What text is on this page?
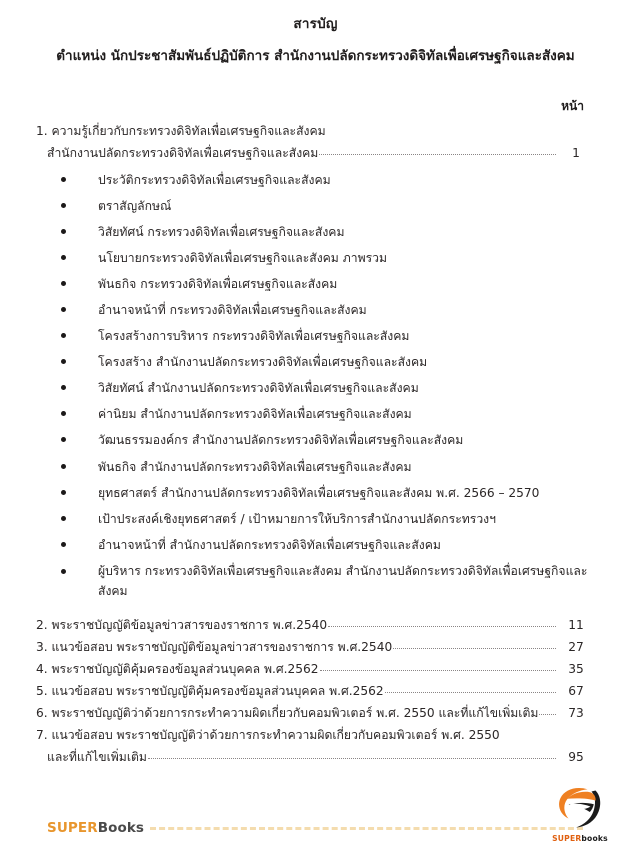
สารบัญ
ตำแหน่ง นักประชาสัมพันธ์ปฏิบัติการ สำนักงานปลัดกระทรวงดิจิทัลเพื่อเศรษฐกิจและสังคม
หน้า
1. ความรู้เกี่ยวกับกระทรวงดิจิทัลเพื่อเศรษฐกิจและสังคม
สำนักงานปลัดกระทรวงดิจิทัลเพื่อเศรษฐกิจและสังคม	1
ประวัติกระทรวงดิจิทัลเพื่อเศรษฐกิจและสังคม
ตราสัญลักษณ์
วิสัยทัศน์ กระทรวงดิจิทัลเพื่อเศรษฐกิจและสังคม
นโยบายกระทรวงดิจิทัลเพื่อเศรษฐกิจและสังคม ภาพรวม
พันธกิจ กระทรวงดิจิทัลเพื่อเศรษฐกิจและสังคม
อำนาจหน้าที่ กระทรวงดิจิทัลเพื่อเศรษฐกิจและสังคม
โครงสร้างการบริหาร กระทรวงดิจิทัลเพื่อเศรษฐกิจและสังคม
โครงสร้าง สำนักงานปลัดกระทรวงดิจิทัลเพื่อเศรษฐกิจและสังคม
วิสัยทัศน์ สำนักงานปลัดกระทรวงดิจิทัลเพื่อเศรษฐกิจและสังคม
ค่านิยม สำนักงานปลัดกระทรวงดิจิทัลเพื่อเศรษฐกิจและสังคม
วัฒนธรรมองค์กร สำนักงานปลัดกระทรวงดิจิทัลเพื่อเศรษฐกิจและสังคม
พันธกิจ สำนักงานปลัดกระทรวงดิจิทัลเพื่อเศรษฐกิจและสังคม
ยุทธศาสตร์ สำนักงานปลัดกระทรวงดิจิทัลเพื่อเศรษฐกิจและสังคม พ.ศ. 2566 – 2570
เป้าประสงค์เชิงยุทธศาสตร์ / เป้าหมายการให้บริการสำนักงานปลัดกระทรวงฯ
อำนาจหน้าที่ สำนักงานปลัดกระทรวงดิจิทัลเพื่อเศรษฐกิจและสังคม
ผู้บริหาร กระทรวงดิจิทัลเพื่อเศรษฐกิจและสังคม สำนักงานปลัดกระทรวงดิจิทัลเพื่อเศรษฐกิจและสังคม
2. พระราชบัญญัติข้อมูลข่าวสารของราชการ พ.ศ.2540	11
3. แนวข้อสอบ พระราชบัญญัติข้อมูลข่าวสารของราชการ พ.ศ.2540	27
4. พระราชบัญญัติคุ้มครองข้อมูลส่วนบุคคล พ.ศ.2562	35
5. แนวข้อสอบ พระราชบัญญัติคุ้มครองข้อมูลส่วนบุคคล พ.ศ.2562	67
6. พระราชบัญญัติว่าด้วยการกระทำความผิดเกี่ยวกับคอมพิวเตอร์ พ.ศ. 2550 และที่แก้ไขเพิ่มเติม	73
7. แนวข้อสอบ พระราชบัญญัติว่าด้วยการกระทำความผิดเกี่ยวกับคอมพิวเตอร์ พ.ศ. 2550
และที่แก้ไขเพิ่มเติม	95
SUPERBooks
SUPERbooks
